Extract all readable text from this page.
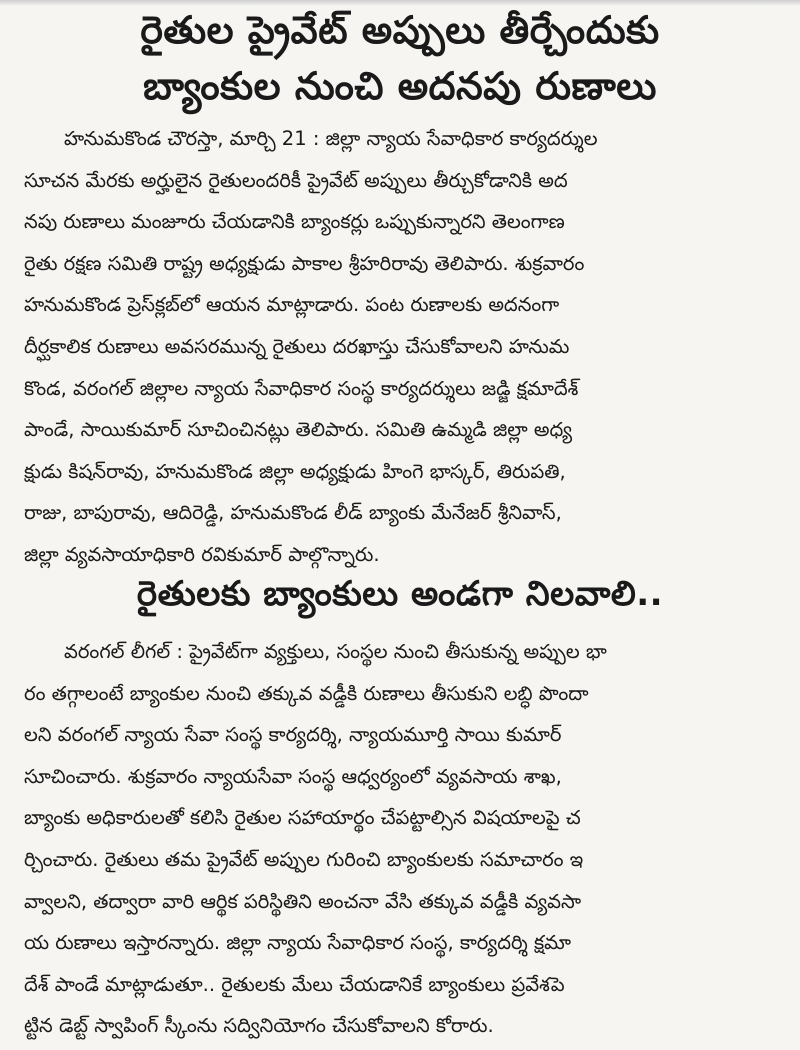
రైతుల ప్రైవేట్ అప్పులు తీర్చేందుకు
బ్యాంకుల నుంచి అదనపు రుణాలు
హనుమకొండ చౌరస్తా, మార్చి 21 : జిల్లా న్యాయ సేవాధికార కార్యదర్శుల
సూచన మేరకు అర్హులైన రైతులందరికీ ప్రైవేట్ అప్పులు తీర్చుకోడానికి అద
నపు రుణాలు మంజూరు చేయడానికి బ్యాంకర్లు ఒప్పుకున్నారని తెలంగాణ
రైతు రక్షణ సమితి రాష్ట్ర అధ్యక్షుడు పాకాల శ్రీహరిరావు తెలిపారు. శుక్రవారం
హనుమకొండ ప్రెస్‌క్లబ్‌లో ఆయన మాట్లాడారు. పంట రుణాలకు అదనంగా
దీర్ఘకాలిక రుణాలు అవసరమున్న రైతులు దరఖాస్తు చేసుకోవాలని హనుమ
కొండ, వరంగల్ జిల్లాల న్యాయ సేవాధికార సంస్థ కార్యదర్శులు జడ్జి క్షమాదేశ్
పాండే, సాయికుమార్ సూచించినట్లు తెలిపారు. సమితి ఉమ్మడి జిల్లా అధ్య
క్షుడు కిషన్‌రావు, హనుమకొండ జిల్లా అధ్యక్షుడు హింగె భాస్కర్, తిరుపతి,
రాజు, బాపురావు, ఆదిరెడ్డి, హనుమకొండ లీడ్ బ్యాంకు మేనేజర్ శ్రీనివాస్,
జిల్లా వ్యవసాయాధికారి రవికుమార్ పాల్గొన్నారు.
రైతులకు బ్యాంకులు అండగా నిలవాలి..
వరంగల్ లీగల్ : ప్రైవేట్‌గా వ్యక్తులు, సంస్థల నుంచి తీసుకున్న అప్పుల భా
రం తగ్గాలంటే బ్యాంకుల నుంచి తక్కువ వడ్డీకి రుణాలు తీసుకుని లబ్ధి పొందా
లని వరంగల్ న్యాయ సేవా సంస్థ కార్యదర్శి, న్యాయమూర్తి సాయి కుమార్
సూచించారు. శుక్రవారం న్యాయసేవా సంస్థ ఆధ్వర్యంలో వ్యవసాయ శాఖ,
బ్యాంకు అధికారులతో కలిసి రైతుల సహాయార్థం చేపట్టాల్సిన విషయాలపై చ
ర్చించారు. రైతులు తమ ప్రైవేట్ అప్పుల గురించి బ్యాంకులకు సమాచారం ఇ
వ్వాలని, తద్వారా వారి ఆర్థిక పరిస్థితిని అంచనా వేసి తక్కువ వడ్డీకి వ్యవసా
య రుణాలు ఇస్తారన్నారు. జిల్లా న్యాయ సేవాధికార సంస్థ, కార్యదర్శి క్షమా
దేశ్ పాండే మాట్లాడుతూ.. రైతులకు మేలు చేయడానికే బ్యాంకులు ప్రవేశపె
ట్టిన డెబ్ట్ స్వాపింగ్ స్కీంను సద్వినియోగం చేసుకోవాలని కోరారు.
